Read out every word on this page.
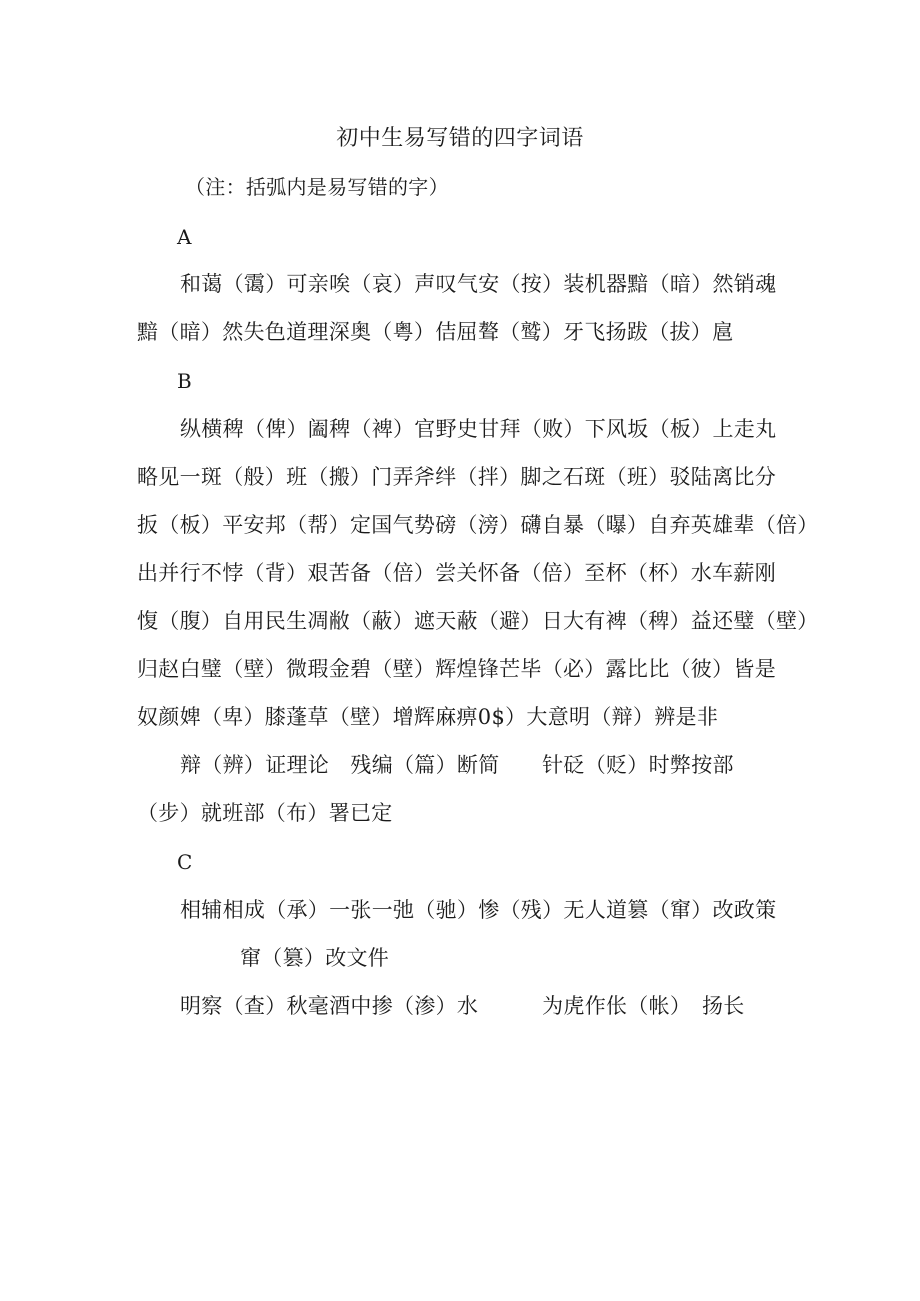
初中生易写错的四字词语
（注：括弧内是易写错的字）
A
和蔼（霭）可亲唉（哀）声叹气安（按）装机器黯（暗）然销魂
黯（暗）然失色道理深奥（粤）佶屈聱（鹫）牙飞扬跋（拔）扈
B
纵横稗（俾）阖稗（裨）官野史甘拜（败）下风坂（板）上走丸
略见一斑（般）班（搬）门弄斧绊（拌）脚之石斑（班）驳陆离比分
扳（板）平安邦（帮）定国气势磅（滂）礴自暴（曝）自弃英雄辈（倍）
出并行不悖（背）艰苦备（倍）尝关怀备（倍）至杯（杯）水车薪刚
愎（腹）自用民生凋敝（蔽）遮天蔽（避）日大有裨（稗）益还璧（壁）
归赵白璧（壁）微瑕金碧（壁）辉煌锋芒毕（必）露比比（彼）皆是
奴颜婢（卑）膝蓬草（壁）增辉麻痹0$）大意明（辩）辨是非
辩（辨）证理论　残编（篇）断简　　针砭（贬）时弊按部
（步）就班部（布）署已定
C
相辅相成（承）一张一弛（驰）惨（残）无人道篡（窜）改政策
窜（篡）改文件
明察（查）秋毫酒中掺（渗）水　　　为虎作伥（帐）　扬长
